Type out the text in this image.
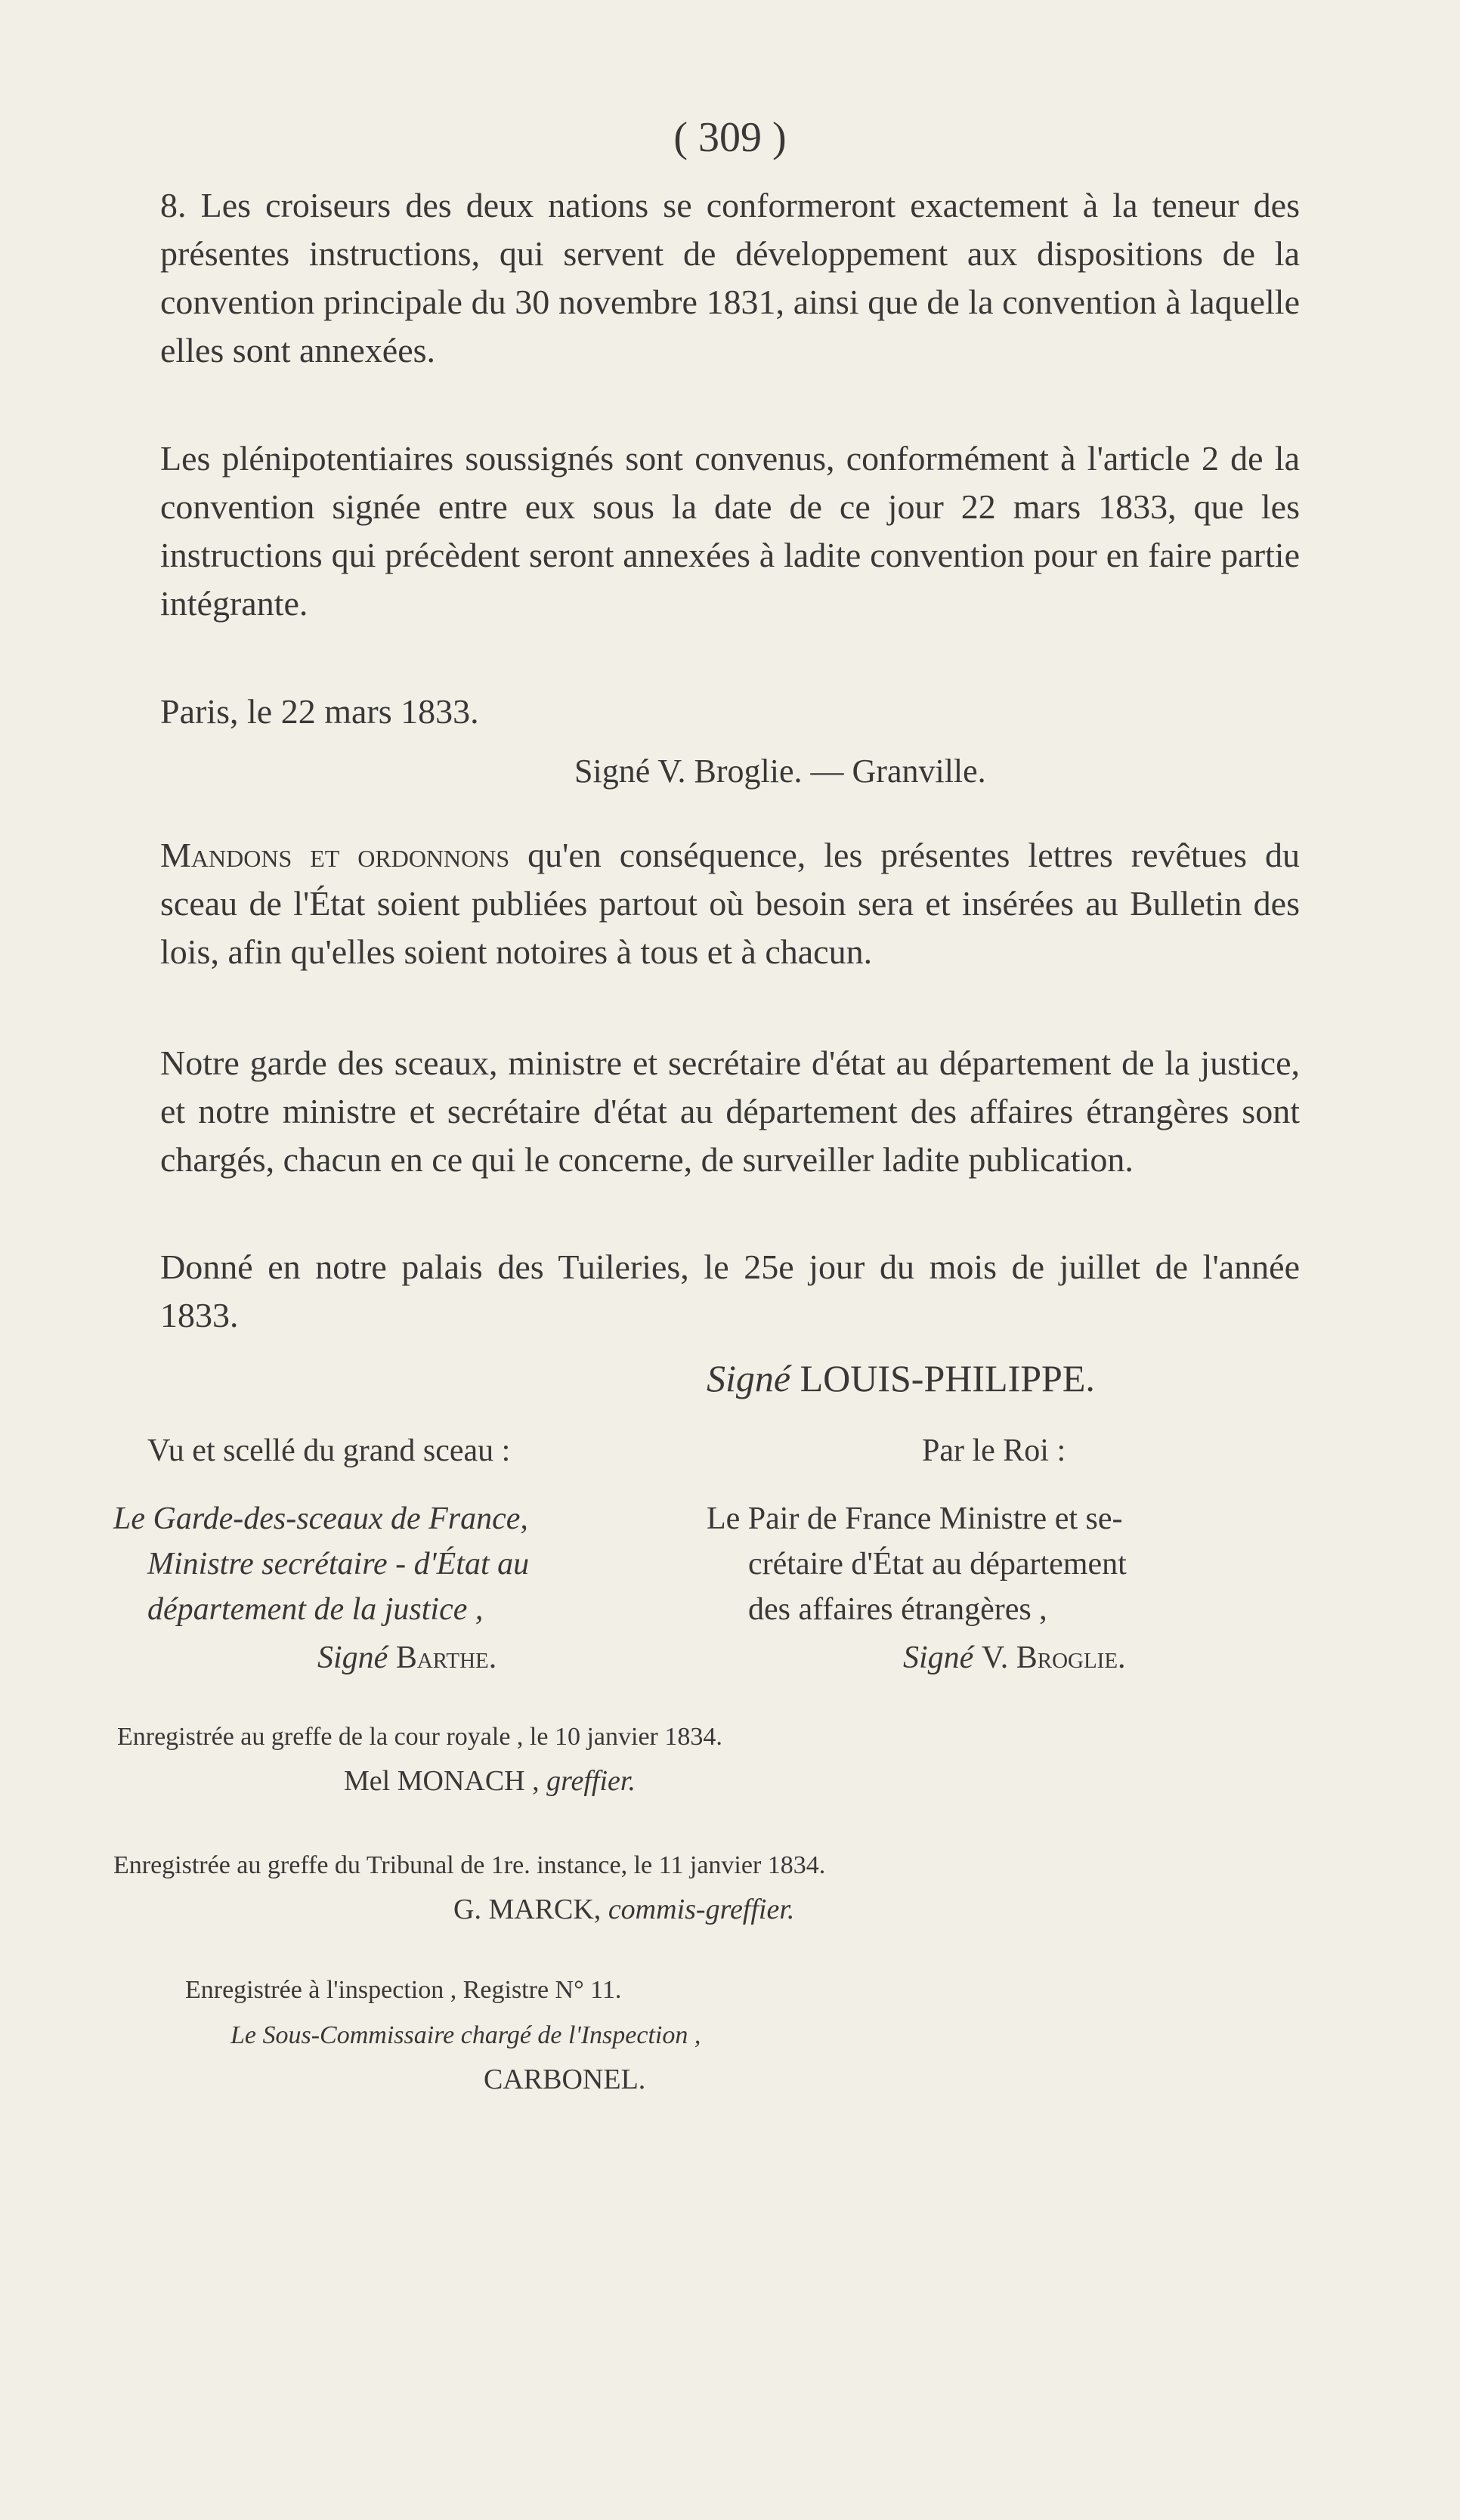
( 309 )

8. Les croiseurs des deux nations se conformeront exactement à la teneur des présentes instructions, qui servent de développement aux dispositions de la convention principale du 30 novembre 1831, ainsi que de la convention à laquelle elles sont annexées.

Les plénipotentiaires soussignés sont convenus, conformément à l'article 2 de la convention signée entre eux sous la date de ce jour 22 mars 1833, que les instructions qui précèdent seront annexées à ladite convention pour en faire partie intégrante.

Paris, le 22 mars 1833.

Signé V. Broglie. — Granville.

Mandons et ordonnons qu'en conséquence, les présentes lettres revêtues du sceau de l'État soient publiées partout où besoin sera et insérées au Bulletin des lois, afin qu'elles soient notoires à tous et à chacun.

Notre garde des sceaux, ministre et secrétaire d'état au département de la justice, et notre ministre et secrétaire d'état au département des affaires étrangères sont chargés, chacun en ce qui le concerne, de surveiller ladite publication.

Donné en notre palais des Tuileries, le 25e jour du mois de juillet de l'année 1833.

Signé LOUIS-PHILIPPE.
Vu et scellé du grand sceau :	Par le Roi :
Le Garde-des-sceaux de France,
Ministre secrétaire - d'État au
département de la justice ,
Signé Barthe.
Le Pair de France Ministre et se-
crétaire d'État au département
des affaires étrangères ,
Signé V. Broglie.
Enregistrée au greffe de la cour royale , le 10 janvier 1834.
Mel MONACH , greffier.
Enregistrée au greffe du Tribunal de 1re. instance, le 11 janvier 1834.
G. MARCK, commis-greffier.
Enregistrée à l'inspection , Registre N° 11.
Le Sous-Commissaire chargé de l'Inspection ,
CARBONEL.
